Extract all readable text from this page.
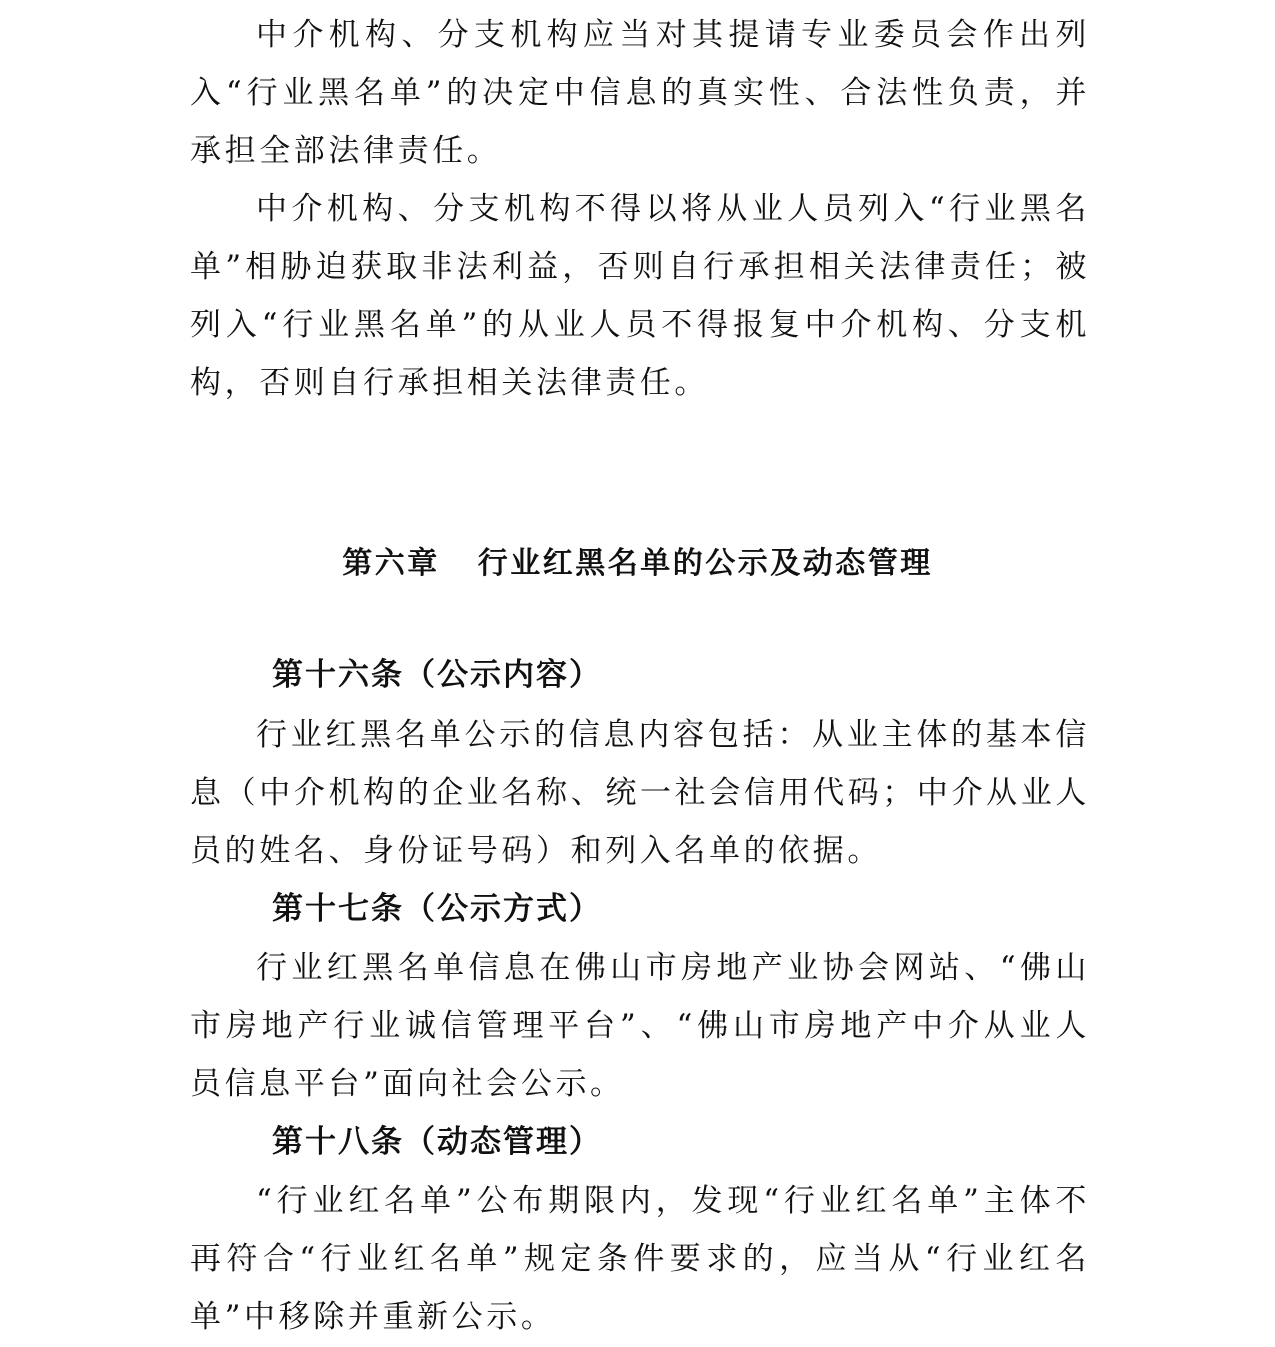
中介机构、分支机构应当对其提请专业委员会作出列入“行业黑名单”的决定中信息的真实性、合法性负责，并承担全部法律责任。

中介机构、分支机构不得以将从业人员列入“行业黑名单”相胁迫获取非法利益，否则自行承担相关法律责任；被列入“行业黑名单”的从业人员不得报复中介机构、分支机构，否则自行承担相关法律责任。

第六章 行业红黑名单的公示及动态管理
第十六条（公示内容）

行业红黑名单公示的信息内容包括：从业主体的基本信息（中介机构的企业名称、统一社会信用代码；中介从业人员的姓名、身份证号码）和列入名单的依据。

第十七条（公示方式）

行业红黑名单信息在佛山市房地产业协会网站、“佛山市房地产行业诚信管理平台”、“佛山市房地产中介从业人员信息平台”面向社会公示。

第十八条（动态管理）

“行业红名单”公布期限内，发现“行业红名单”主体不再符合“行业红名单”规定条件要求的，应当从“行业红名单”中移除并重新公示。
